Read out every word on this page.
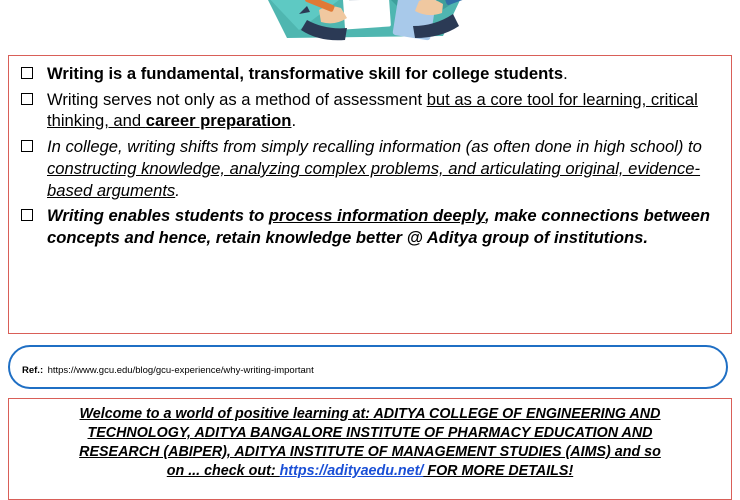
Writing is a fundamental, transformative skill for college students.
Writing serves not only as a method of assessment but as a core tool for learning, critical thinking, and career preparation.
In college, writing shifts from simply recalling information (as often done in high school) to constructing knowledge, analyzing complex problems, and articulating original, evidence-based arguments.
Writing enables students to process information deeply, make connections between concepts and hence, retain knowledge better @ Aditya group of institutions.
Ref.: https://www.gcu.edu/blog/gcu-experience/why-writing-important
Welcome to a world of positive learning at: ADITYA COLLEGE OF ENGINEERING AND
TECHNOLOGY, ADITYA BANGALORE INSTITUTE OF PHARMACY EDUCATION AND
RESEARCH (ABIPER), ADITYA INSTITUTE OF MANAGEMENT STUDIES (AIMS) and so
on ... check out: https://adityaedu.net/ FOR MORE DETAILS!
